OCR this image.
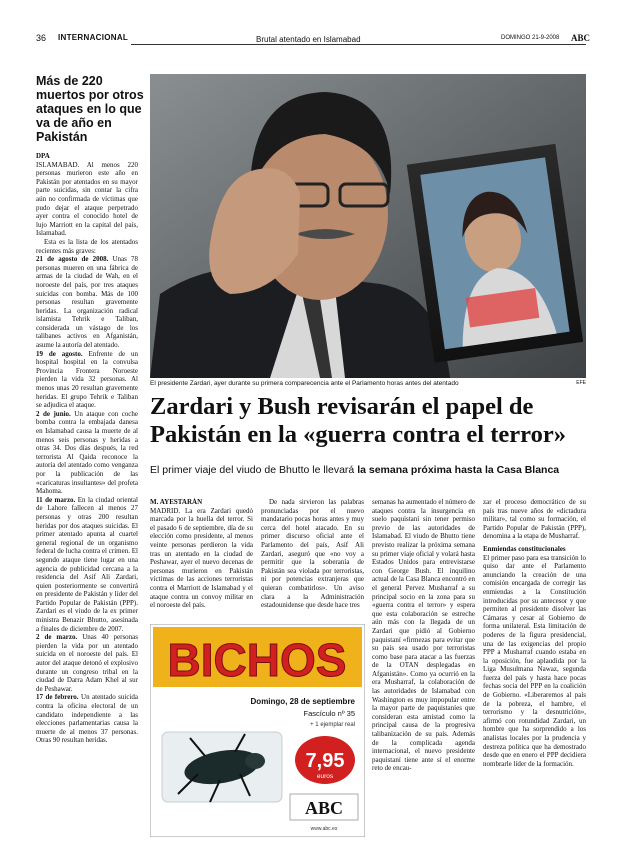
36 INTERNACIONAL	Brutal atentado en Islamabad	DOMINGO 21-9-2008 ABC
Más de 220 muertos por otros ataques en lo que va de año en Pakistán
DPA
ISLAMABAD. Al menos 220 personas murieron este año en Pakistán por atentados en su mayor parte suicidas, sin contar la cifra aún no confirmada de víctimas que pudo dejar el ataque perpetrado ayer contra el conocido hotel de lujo Marriott en la capital del país, Islamabad.
Esta es la lista de los atentados recientes más graves:
21 de agosto de 2008. Unas 78 personas mueren en una fábrica de armas de la ciudad de Wah, en el noroeste del país, por tres ataques suicidas con bomba. Más de 100 personas resultan gravemente heridas. La organización radical islamista Tehrik e Taliban, considerada un vástago de los talibanes activos en Afganistán, asume la autoría del atentado.
19 de agosto. Enfrente de un hospital hospital en la convulsa Provincia Frontera Noroeste pierden la vida 32 personas. Al menos unas 20 resultan gravemente heridas. El grupo Tehrik e Taliban se adjudica el ataque.
2 de junio. Un ataque con coche bomba contra la embajada danesa en Islamabad causa la muerte de al menos seis personas y heridas a otras 34. Dos días después, la red terrorista Al Qaida reconoce la autoría del atentado como venganza por la publicación de las «caricaturas insultantes» del profeta Mahoma.
11 de marzo. En la ciudad oriental de Lahore fallecen al menos 27 personas y otras 200 resultan heridas por dos ataques suicidas. El primer atentado apunta al cuartel general regional de un organismo federal de lucha contra el crimen. El segundo ataque tiene lugar en una agencia de publicidad cercana a la residencia del Asif Ali Zardari, quien posteriormente se convertirá en presidente de Pakistán y líder del Partido Popular de Pakistán (PPP). Zardari es el viudo de la ex primer ministra Benazir Bhutto, asesinada a finales de diciembre de 2007.
2 de marzo. Unas 40 personas pierden la vida por un atentado suicida en el noroeste del país. El autor del ataque detonó el explosivo durante un congreso tribal en la ciudad de Darra Adam Khel al sur de Peshawar.
17 de febrero. Un atentado suicida contra la oficina electoral de un candidato independiente a las elecciones parlamentarias causa la muerte de al menos 37 personas. Otras 90 resultan heridas.
El presidente Zardari, ayer durante su primera comparecencia ante el Parlamento horas antes del atentado	EFE
Zardari y Bush revisarán el papel de Pakistán en la «guerra contra el terror»
El primer viaje del viudo de Bhutto le llevará la semana próxima hasta la Casa Blanca
M. AYESTARÁN
MADRID. La era Zardari quedó marcada por la huella del terror. Si el pasado 6 de septiembre, día de su elección como presidente, al menos veinte personas perdieron la vida tras un atentado en la ciudad de Peshawar, ayer el nuevo decenas de personas murieron en Pakistán víctimas de las acciones terroristas contra el Marriott de Islamabad y el ataque contra un convoy militar en el noroeste del país.
De nada sirvieron las palabras pronunciadas por el nuevo mandatario pocas horas antes y muy cerca del hotel atacado. En su primer discurso oficial ante el Parlamento del país, Asif Ali Zardari, aseguró que «no voy a permitir que la soberanía de Pakistán sea violada por terroristas, ni por potencias extranjeras que quieran combatirlos». Un aviso clara a la Administración estadounidense que desde hace tres
semanas ha aumentado el número de ataques contra la insurgencia en suelo paquistaní sin tener permiso previo de las autoridades de Islamabad. El viudo de Bhutto tiene previsto realizar la próxima semana su primer viaje oficial y volará hasta Estados Unidos para entrevistarse con George Bush. El inquilino actual de la Casa Blanca encontró en el general Pervez Musharraf a su principal socio en la zona para su «guerra contra el terror» y espera que esta colaboración se estreche aún más con la llegada de un Zardari que pidió al Gobierno paquistaní «firmezas para evitar que su país sea usado por terroristas como base para atacar a las fuerzas de la OTAN desplegadas en Afganistán». Como ya ocurrió en la era Musharraf, la colaboración de las autoridades de Islamabad con Washington es muy impopular entre la mayor parte de paquistaníes que consideran esta amistad como la principal causa de la progresiva talibanización de su país. Además de la complicada agenda internacional, el nuevo presidente paquistaní tiene ante sí el enorme reto de encau-
zar el proceso democrático de su país tras nueve años de «dictadura militar», tal como su formación, el Partido Popular de Pakistán (PPP), denomina a la etapa de Musharraf.
Enmiendas constitucionales
El primer paso para esa transición lo quiso dar ante el Parlamento anunciando la creación de una comisión encargada de corregir las enmiendas a la Constitución introducidas por su antecesor y que permiten al presidente disolver las Cámaras y cesar al Gobierno de forma unilateral. Esta limitación de poderes de la figura presidencial, una de las exigencias del propio PPP a Musharraf cuando estaba en la oposición, fue aplaudida por la Liga Musulmana Nawaz, segunda fuerza del país y hasta hace pocas fechas socia del PPP en la coalición de Gobierno. «Liberaremos al país de la pobreza, el hambre, el terrorismo y la desnutrición», afirmó con rotundidad Zardari, un hombre que ha sorprendido a los analistas locales por la prudencia y destreza política que ha demostrado desde que en enero el PPP decidiera nombrarle líder de la formación.
BICHOS
Domingo, 28 de septiembre
Fascículo nº 35
+ 1 ejemplar real
7,95
euros
ABC
www.abc.es
